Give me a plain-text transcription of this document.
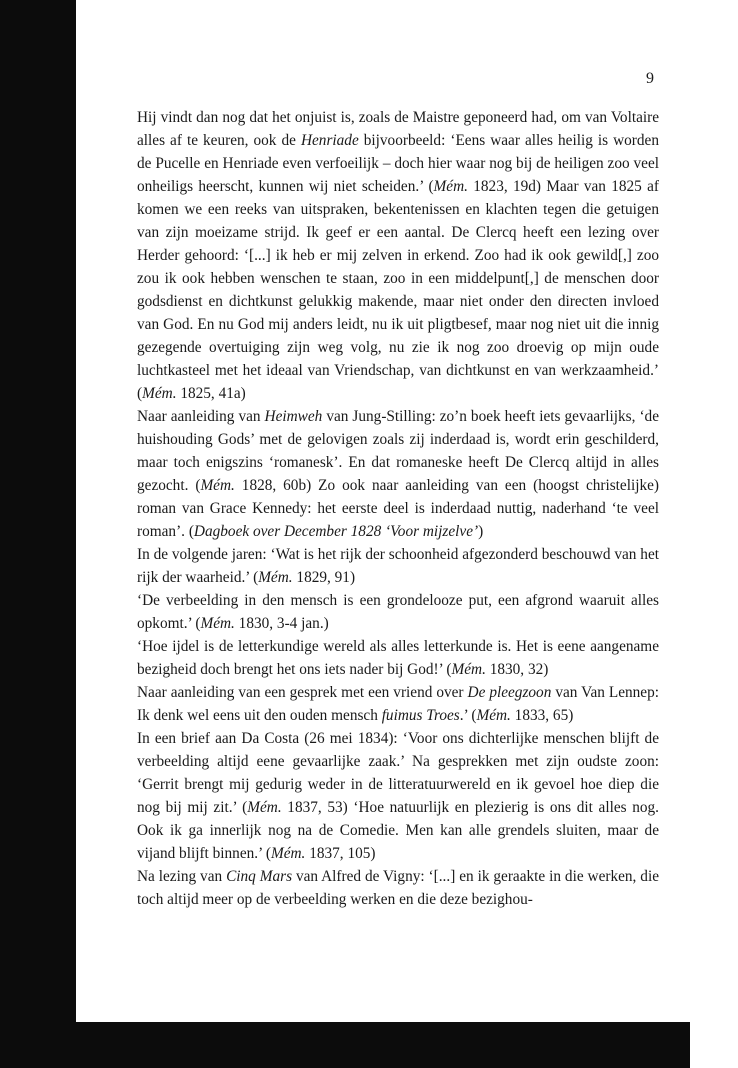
9

Hij vindt dan nog dat het onjuist is, zoals de Maistre geponeerd had, om van Voltaire alles af te keuren, ook de Henriade bijvoorbeeld: ‘Eens waar alles heilig is worden de Pucelle en Henriade even verfoeilijk – doch hier waar nog bij de heiligen zoo veel onheiligs heerscht, kunnen wij niet scheiden.’ (Mém. 1823, 19d) Maar van 1825 af komen we een reeks van uitspraken, bekentenissen en klachten tegen die getuigen van zijn moeizame strijd. Ik geef er een aantal. De Clercq heeft een lezing over Herder gehoord: ‘[...] ik heb er mij zelven in erkend. Zoo had ik ook gewild[,] zoo zou ik ook hebben wenschen te staan, zoo in een middelpunt[,] de menschen door godsdienst en dichtkunst gelukkig makende, maar niet onder den directen invloed van God. En nu God mij anders leidt, nu ik uit pligtbesef, maar nog niet uit die innig gezegende overtuiging zijn weg volg, nu zie ik nog zoo droevig op mijn oude luchtkasteel met het ideaal van Vriendschap, van dichtkunst en van werkzaamheid.’ (Mém. 1825, 41a)

Naar aanleiding van Heimweh van Jung-Stilling: zo’n boek heeft iets gevaarlijks, ‘de huishouding Gods’ met de gelovigen zoals zij inderdaad is, wordt erin geschilderd, maar toch enigszins ‘romanesk’. En dat romaneske heeft De Clercq altijd in alles gezocht. (Mém. 1828, 60b) Zo ook naar aanleiding van een (hoogst christelijke) roman van Grace Kennedy: het eerste deel is inderdaad nuttig, naderhand ‘te veel roman’. (Dagboek over December 1828 ‘Voor mijzelve’)

In de volgende jaren: ‘Wat is het rijk der schoonheid afgezonderd beschouwd van het rijk der waarheid.’ (Mém. 1829, 91)

‘De verbeelding in den mensch is een grondelooze put, een afgrond waaruit alles opkomt.’ (Mém. 1830, 3-4 jan.)

‘Hoe ijdel is de letterkundige wereld als alles letterkunde is. Het is eene aangename bezigheid doch brengt het ons iets nader bij God!’ (Mém. 1830, 32)

Naar aanleiding van een gesprek met een vriend over De pleegzoon van Van Lennep: Ik denk wel eens uit den ouden mensch fuimus Troes.’ (Mém. 1833, 65)

In een brief aan Da Costa (26 mei 1834): ‘Voor ons dichterlijke menschen blijft de verbeelding altijd eene gevaarlijke zaak.’ Na gesprekken met zijn oudste zoon: ‘Gerrit brengt mij gedurig weder in de litteratuurwereld en ik gevoel hoe diep die nog bij mij zit.’ (Mém. 1837, 53) ‘Hoe natuurlijk en plezierig is ons dit alles nog. Ook ik ga innerlijk nog na de Comedie. Men kan alle grendels sluiten, maar de vijand blijft binnen.’ (Mém. 1837, 105)

Na lezing van Cinq Mars van Alfred de Vigny: ‘[...] en ik geraakte in die werken, die toch altijd meer op de verbeelding werken en die deze bezighou-
